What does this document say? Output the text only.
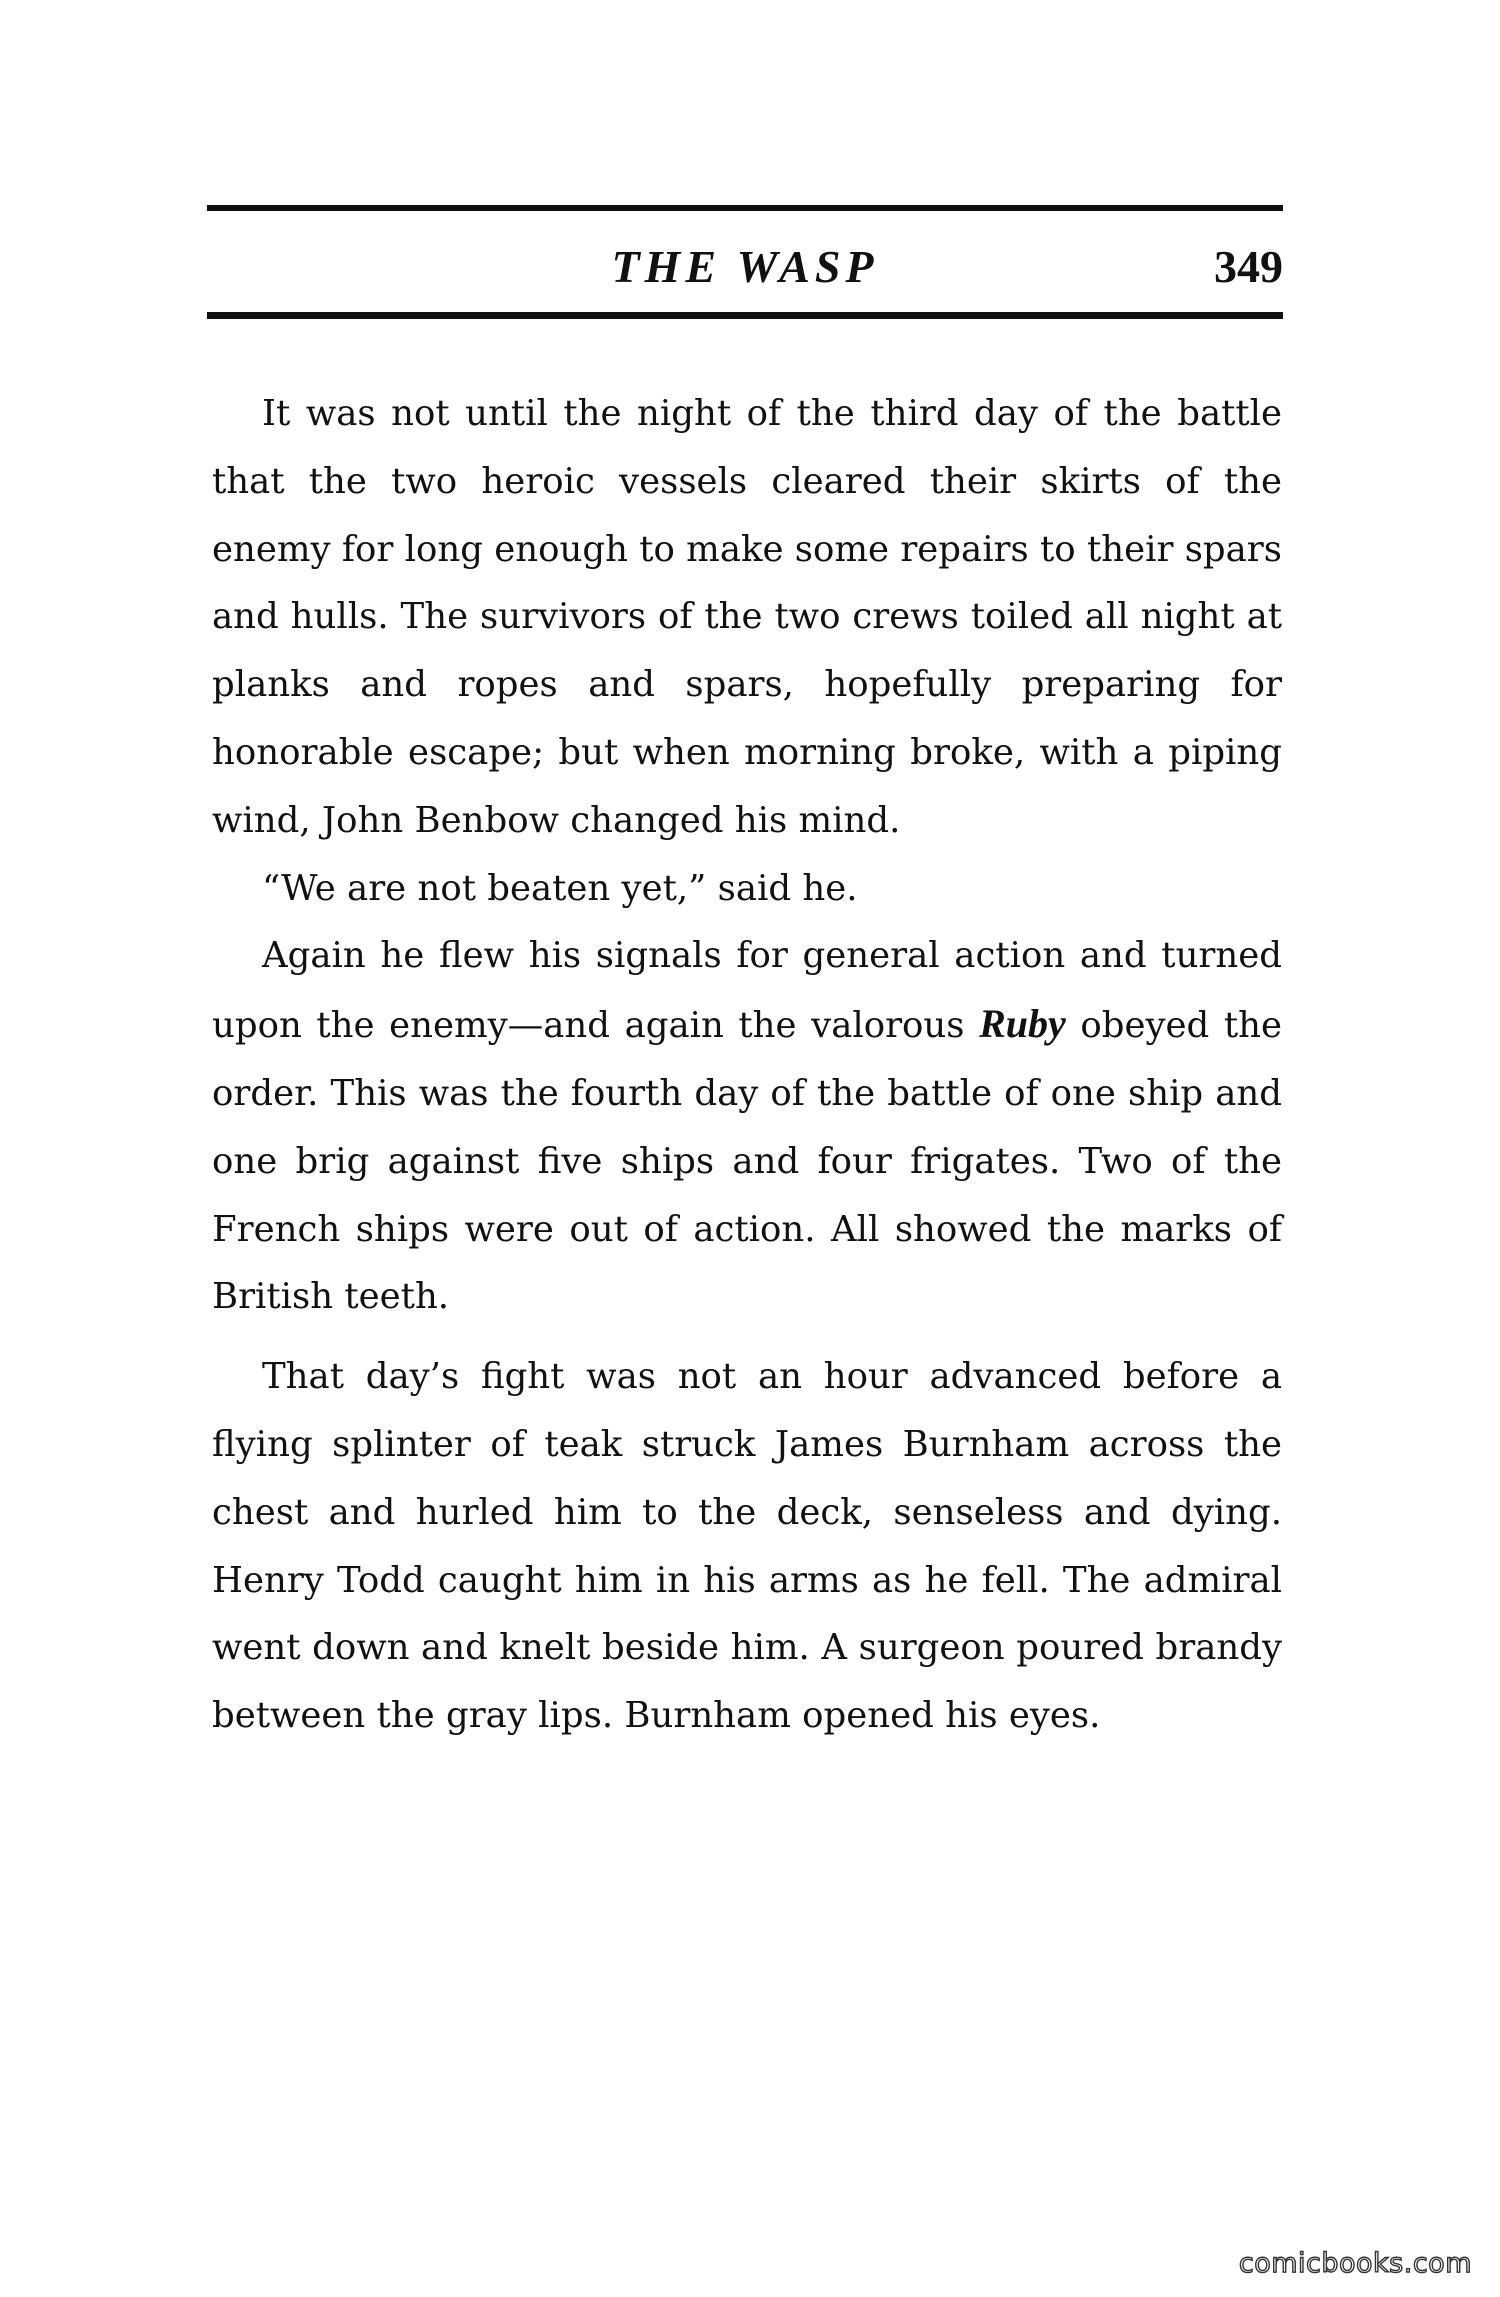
THE WASP	349

It was not until the night of the third day of the battle that the two heroic vessels cleared their skirts of the enemy for long enough to make some repairs to their spars and hulls. The survivors of the two crews toiled all night at planks and ropes and spars, hopefully preparing for honorable escape; but when morning broke, with a piping wind, John Benbow changed his mind.

“We are not beaten yet,” said he.

Again he flew his signals for general action and turned upon the enemy—and again the valorous Ruby obeyed the order. This was the fourth day of the battle of one ship and one brig against five ships and four frigates. Two of the French ships were out of action. All showed the marks of British teeth.

That day’s fight was not an hour advanced before a flying splinter of teak struck James Burnham across the chest and hurled him to the deck, senseless and dying. Henry Todd caught him in his arms as he fell. The admiral went down and knelt beside him. A surgeon poured brandy between the gray lips. Burnham opened his eyes.

comicbooks.com
